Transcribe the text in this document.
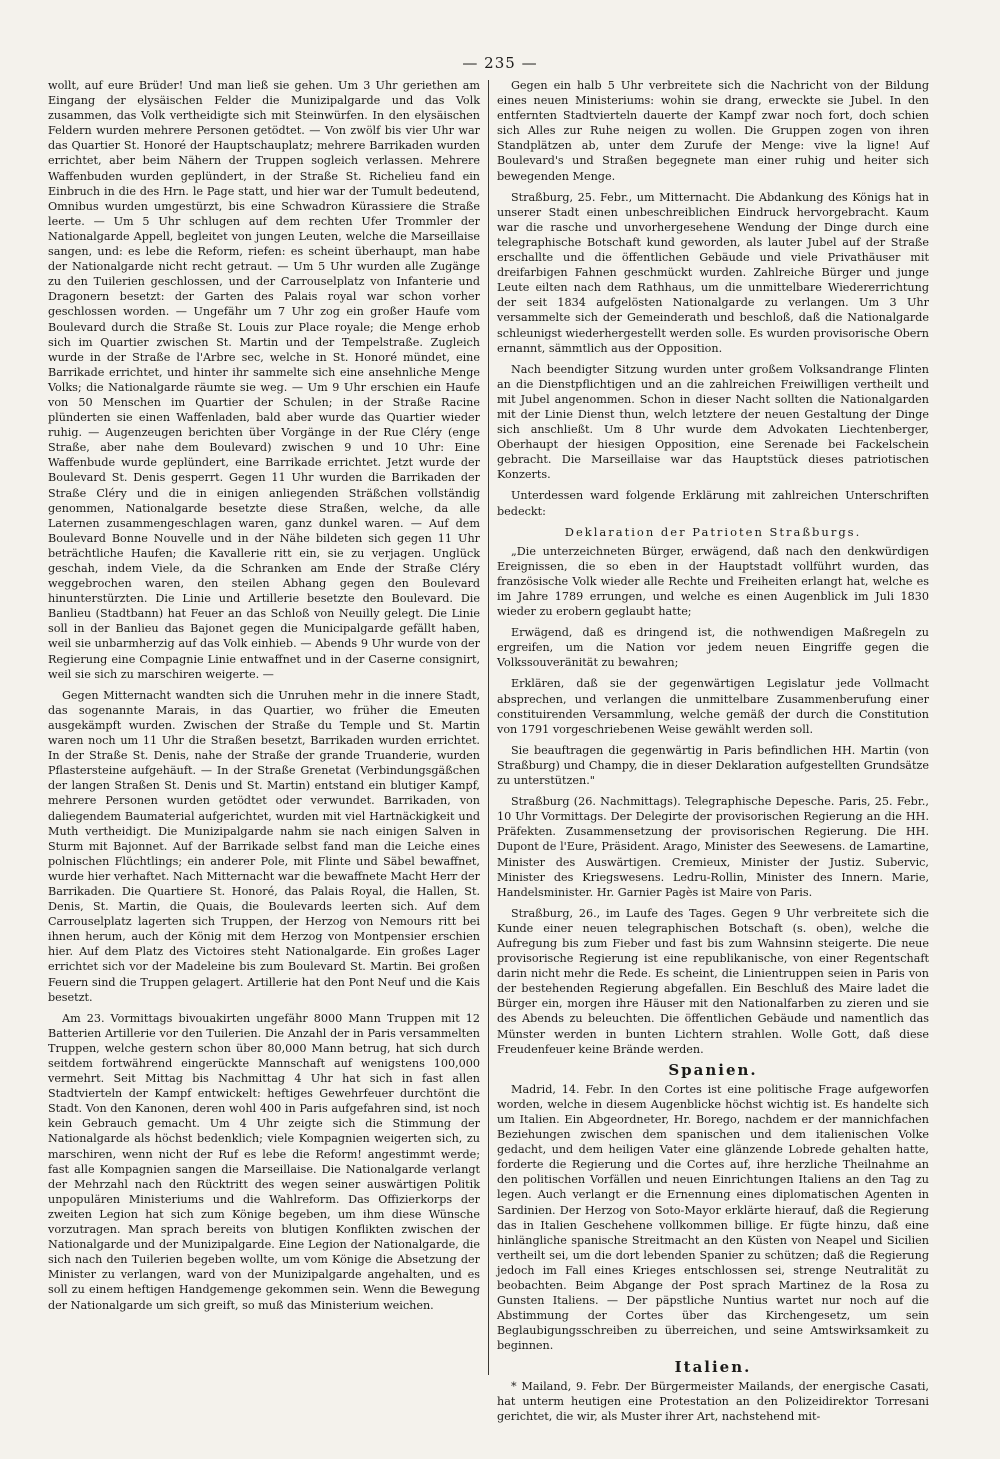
— 235 —

wollt, auf eure Brüder! Und man ließ sie gehen. Um 3 Uhr geriethen am Eingang der elysäischen Felder die Munizipalgarde und das Volk zusammen, das Volk vertheidigte sich mit Steinwürfen. In den elysäischen Feldern wurden mehrere Personen getödtet. — Von zwölf bis vier Uhr war das Quartier St. Honoré der Hauptschauplatz; mehrere Barrikaden wurden errichtet, aber beim Nähern der Truppen sogleich verlassen. Mehrere Waffenbuden wurden geplündert, in der Straße St. Richelieu fand ein Einbruch in die des Hrn. le Page statt, und hier war der Tumult bedeutend, Omnibus wurden umgestürzt, bis eine Schwadron Kürassiere die Straße leerte. — Um 5 Uhr schlugen auf dem rechten Ufer Trommler der Nationalgarde Appell, begleitet von jungen Leuten, welche die Marseillaise sangen, und: es lebe die Reform, riefen: es scheint überhaupt, man habe der Nationalgarde nicht recht getraut. — Um 5 Uhr wurden alle Zugänge zu den Tuilerien geschlossen, und der Carrouselplatz von Infanterie und Dragonern besetzt: der Garten des Palais royal war schon vorher geschlossen worden. — Ungefähr um 7 Uhr zog ein großer Haufe vom Boulevard durch die Straße St. Louis zur Place royale; die Menge erhob sich im Quartier zwischen St. Martin und der Tempelstraße. Zugleich wurde in der Straße de l'Arbre sec, welche in St. Honoré mündet, eine Barrikade errichtet, und hinter ihr sammelte sich eine ansehnliche Menge Volks; die Nationalgarde räumte sie weg. — Um 9 Uhr erschien ein Haufe von 50 Menschen im Quartier der Schulen; in der Straße Racine plünderten sie einen Waffenladen, bald aber wurde das Quartier wieder ruhig. — Augenzeugen berichten über Vorgänge in der Rue Cléry (enge Straße, aber nahe dem Boulevard) zwischen 9 und 10 Uhr: Eine Waffenbude wurde geplündert, eine Barrikade errichtet. Jetzt wurde der Boulevard St. Denis gesperrt. Gegen 11 Uhr wurden die Barrikaden der Straße Cléry und die in einigen anliegenden Sträßchen vollständig genommen, Nationalgarde besetzte diese Straßen, welche, da alle Laternen zusammengeschlagen waren, ganz dunkel waren. — Auf dem Boulevard Bonne Nouvelle und in der Nähe bildeten sich gegen 11 Uhr beträchtliche Haufen; die Kavallerie ritt ein, sie zu verjagen. Unglück geschah, indem Viele, da die Schranken am Ende der Straße Cléry weggebrochen waren, den steilen Abhang gegen den Boulevard hinunterstürzten. Die Linie und Artillerie besetzte den Boulevard. Die Banlieu (Stadtbann) hat Feuer an das Schloß von Neuilly gelegt. Die Linie soll in der Banlieu das Bajonet gegen die Municipalgarde gefällt haben, weil sie unbarmherzig auf das Volk einhieb. — Abends 9 Uhr wurde von der Regierung eine Compagnie Linie entwaffnet und in der Caserne consignirt, weil sie sich zu marschiren weigerte. —

Gegen Mitternacht wandten sich die Unruhen mehr in die innere Stadt, das sogenannte Marais, in das Quartier, wo früher die Emeuten ausgekämpft wurden. Zwischen der Straße du Temple und St. Martin waren noch um 11 Uhr die Straßen besetzt, Barrikaden wurden errichtet. In der Straße St. Denis, nahe der Straße der grande Truanderie, wurden Pflastersteine aufgehäuft. — In der Straße Grenetat (Verbindungsgäßchen der langen Straßen St. Denis und St. Martin) entstand ein blutiger Kampf, mehrere Personen wurden getödtet oder verwundet. Barrikaden, von daliegendem Baumaterial aufgerichtet, wurden mit viel Hartnäckigkeit und Muth vertheidigt. Die Munizipalgarde nahm sie nach einigen Salven in Sturm mit Bajonnet. Auf der Barrikade selbst fand man die Leiche eines polnischen Flüchtlings; ein anderer Pole, mit Flinte und Säbel bewaffnet, wurde hier verhaftet. Nach Mitternacht war die bewaffnete Macht Herr der Barrikaden. Die Quartiere St. Honoré, das Palais Royal, die Hallen, St. Denis, St. Martin, die Quais, die Boulevards leerten sich. Auf dem Carrouselplatz lagerten sich Truppen, der Herzog von Nemours ritt bei ihnen herum, auch der König mit dem Herzog von Montpensier erschien hier. Auf dem Platz des Victoires steht Nationalgarde. Ein großes Lager errichtet sich vor der Madeleine bis zum Boulevard St. Martin. Bei großen Feuern sind die Truppen gelagert. Artillerie hat den Pont Neuf und die Kais besetzt.

Am 23. Vormittags bivouakirten ungefähr 8000 Mann Truppen mit 12 Batterien Artillerie vor den Tuilerien. Die Anzahl der in Paris versammelten Truppen, welche gestern schon über 80,000 Mann betrug, hat sich durch seitdem fortwährend eingerückte Mannschaft auf wenigstens 100,000 vermehrt. Seit Mittag bis Nachmittag 4 Uhr hat sich in fast allen Stadtvierteln der Kampf entwickelt: heftiges Gewehrfeuer durchtönt die Stadt. Von den Kanonen, deren wohl 400 in Paris aufgefahren sind, ist noch kein Gebrauch gemacht. Um 4 Uhr zeigte sich die Stimmung der Nationalgarde als höchst bedenklich; viele Kompagnien weigerten sich, zu marschiren, wenn nicht der Ruf es lebe die Reform! angestimmt werde; fast alle Kompagnien sangen die Marseillaise. Die Nationalgarde verlangt der Mehrzahl nach den Rücktritt des wegen seiner auswärtigen Politik unpopulären Ministeriums und die Wahlreform. Das Offizierkorps der zweiten Legion hat sich zum Könige begeben, um ihm diese Wünsche vorzutragen. Man sprach bereits von blutigen Konflikten zwischen der Nationalgarde und der Munizipalgarde. Eine Legion der Nationalgarde, die sich nach den Tuilerien begeben wollte, um vom Könige die Absetzung der Minister zu verlangen, ward von der Munizipalgarde angehalten, und es soll zu einem heftigen Handgemenge gekommen sein. Wenn die Bewegung der Nationalgarde um sich greift, so muß das Ministerium weichen.

Gegen ein halb 5 Uhr verbreitete sich die Nachricht von der Bildung eines neuen Ministeriums: wohin sie drang, erweckte sie Jubel. In den entfernten Stadtvierteln dauerte der Kampf zwar noch fort, doch schien sich Alles zur Ruhe neigen zu wollen. Die Gruppen zogen von ihren Standplätzen ab, unter dem Zurufe der Menge: vive la ligne! Auf Boulevard's und Straßen begegnete man einer ruhig und heiter sich bewegenden Menge.

Straßburg, 25. Febr., um Mitternacht. Die Abdankung des Königs hat in unserer Stadt einen unbeschreiblichen Eindruck hervorgebracht. Kaum war die rasche und unvorhergesehene Wendung der Dinge durch eine telegraphische Botschaft kund geworden, als lauter Jubel auf der Straße erschallte und die öffentlichen Gebäude und viele Privathäuser mit dreifarbigen Fahnen geschmückt wurden. Zahlreiche Bürger und junge Leute eilten nach dem Rathhaus, um die unmittelbare Wiedererrichtung der seit 1834 aufgelösten Nationalgarde zu verlangen. Um 3 Uhr versammelte sich der Gemeinderath und beschloß, daß die Nationalgarde schleunigst wiederhergestellt werden solle. Es wurden provisorische Obern ernannt, sämmtlich aus der Opposition.

Nach beendigter Sitzung wurden unter großem Volksandrange Flinten an die Dienstpflichtigen und an die zahlreichen Freiwilligen vertheilt und mit Jubel angenommen. Schon in dieser Nacht sollten die Nationalgarden mit der Linie Dienst thun, welch letztere der neuen Gestaltung der Dinge sich anschließt. Um 8 Uhr wurde dem Advokaten Liechtenberger, Oberhaupt der hiesigen Opposition, eine Serenade bei Fackelschein gebracht. Die Marseillaise war das Hauptstück dieses patriotischen Konzerts.

Unterdessen ward folgende Erklärung mit zahlreichen Unterschriften bedeckt:

Deklaration der Patrioten Straßburgs.

„Die unterzeichneten Bürger, erwägend, daß nach den denkwürdigen Ereignissen, die so eben in der Hauptstadt vollführt wurden, das französische Volk wieder alle Rechte und Freiheiten erlangt hat, welche es im Jahre 1789 errungen, und welche es einen Augenblick im Juli 1830 wieder zu erobern geglaubt hatte;

Erwägend, daß es dringend ist, die nothwendigen Maßregeln zu ergreifen, um die Nation vor jedem neuen Eingriffe gegen die Volkssouveränität zu bewahren;

Erklären, daß sie der gegenwärtigen Legislatur jede Vollmacht absprechen, und verlangen die unmittelbare Zusammenberufung einer constituirenden Versammlung, welche gemäß der durch die Constitution von 1791 vorgeschriebenen Weise gewählt werden soll.

Sie beauftragen die gegenwärtig in Paris befindlichen HH. Martin (von Straßburg) und Champy, die in dieser Deklaration aufgestellten Grundsätze zu unterstützen."

Straßburg (26. Nachmittags). Telegraphische Depesche. Paris, 25. Febr., 10 Uhr Vormittags. Der Delegirte der provisorischen Regierung an die HH. Präfekten. Zusammensetzung der provisorischen Regierung. Die HH. Dupont de l'Eure, Präsident. Arago, Minister des Seewesens. de Lamartine, Minister des Auswärtigen. Cremieux, Minister der Justiz. Subervic, Minister des Kriegswesens. Ledru-Rollin, Minister des Innern. Marie, Handelsminister. Hr. Garnier Pagès ist Maire von Paris.

Straßburg, 26., im Laufe des Tages. Gegen 9 Uhr verbreitete sich die Kunde einer neuen telegraphischen Botschaft (s. oben), welche die Aufregung bis zum Fieber und fast bis zum Wahnsinn steigerte. Die neue provisorische Regierung ist eine republikanische, von einer Regentschaft darin nicht mehr die Rede. Es scheint, die Linientruppen seien in Paris von der bestehenden Regierung abgefallen. Ein Beschluß des Maire ladet die Bürger ein, morgen ihre Häuser mit den Nationalfarben zu zieren und sie des Abends zu beleuchten. Die öffentlichen Gebäude und namentlich das Münster werden in bunten Lichtern strahlen. Wolle Gott, daß diese Freudenfeuer keine Brände werden.

Spanien.

Madrid, 14. Febr. In den Cortes ist eine politische Frage aufgeworfen worden, welche in diesem Augenblicke höchst wichtig ist. Es handelte sich um Italien. Ein Abgeordneter, Hr. Borego, nachdem er der mannichfachen Beziehungen zwischen dem spanischen und dem italienischen Volke gedacht, und dem heiligen Vater eine glänzende Lobrede gehalten hatte, forderte die Regierung und die Cortes auf, ihre herzliche Theilnahme an den politischen Vorfällen und neuen Einrichtungen Italiens an den Tag zu legen. Auch verlangt er die Ernennung eines diplomatischen Agenten in Sardinien. Der Herzog von Soto-Mayor erklärte hierauf, daß die Regierung das in Italien Geschehene vollkommen billige. Er fügte hinzu, daß eine hinlängliche spanische Streitmacht an den Küsten von Neapel und Sicilien vertheilt sei, um die dort lebenden Spanier zu schützen; daß die Regierung jedoch im Fall eines Krieges entschlossen sei, strenge Neutralität zu beobachten. Beim Abgange der Post sprach Martinez de la Rosa zu Gunsten Italiens. — Der päpstliche Nuntius wartet nur noch auf die Abstimmung der Cortes über das Kirchengesetz, um sein Beglaubigungsschreiben zu überreichen, und seine Amtswirksamkeit zu beginnen.

Italien.

* Mailand, 9. Febr. Der Bürgermeister Mailands, der energische Casati, hat unterm heutigen eine Protestation an den Polizeidirektor Torresani gerichtet, die wir, als Muster ihrer Art, nachstehend mit-
